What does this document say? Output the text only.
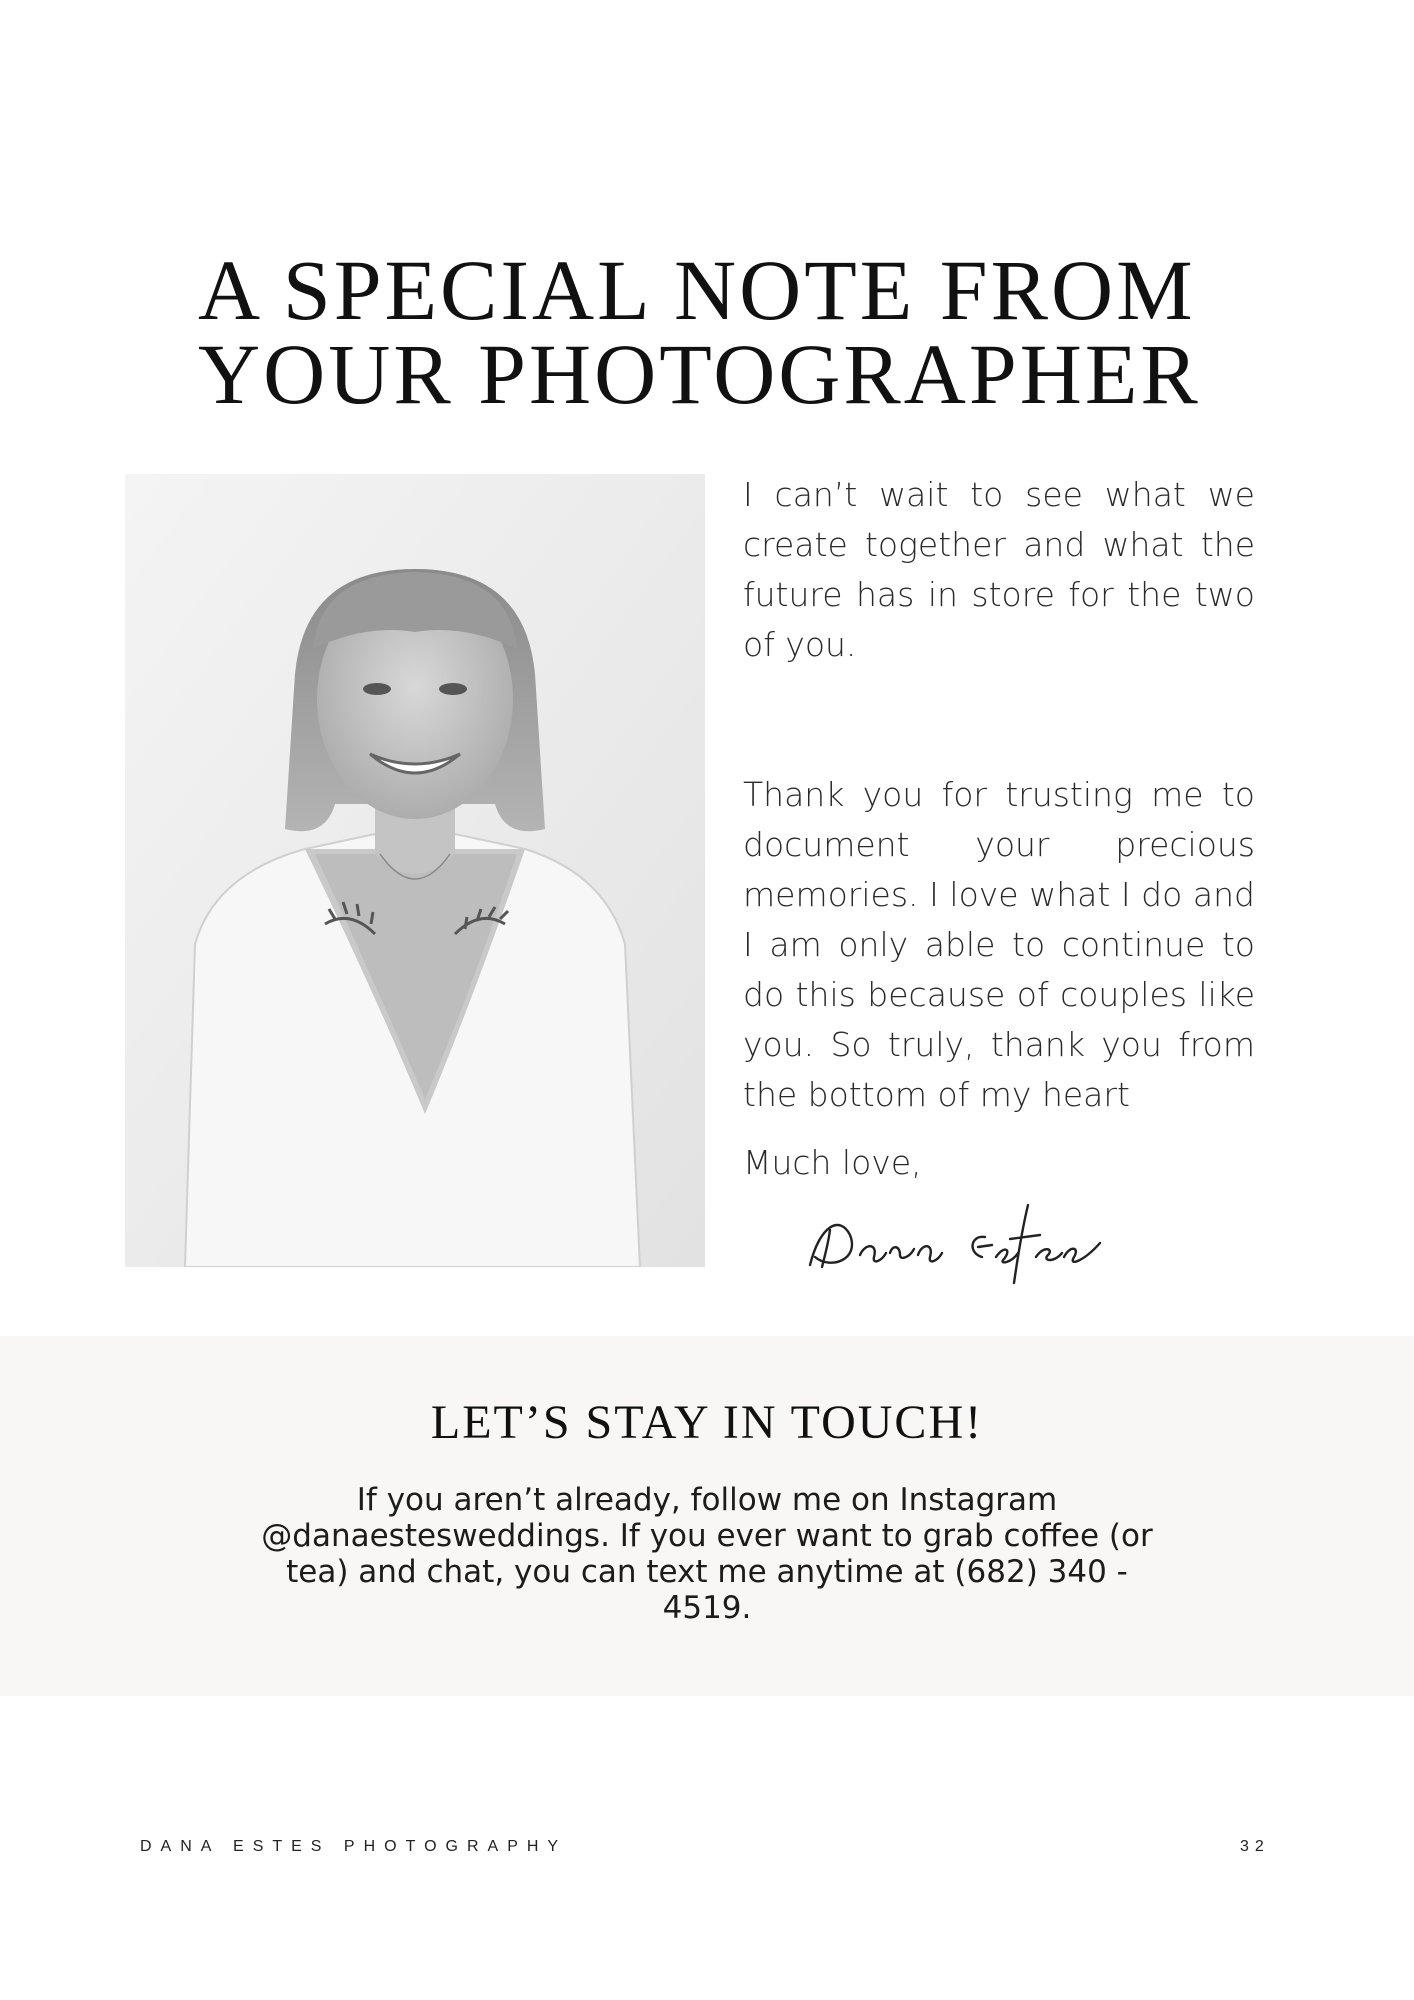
A SPECIAL NOTE FROM
YOUR PHOTOGRAPHER

I can’t wait to see what we create together and what the future has in store for the two of you.

Thank you for trusting me to document your precious memories. I love what I do and I am only able to continue to do this because of couples like you. So truly, thank you from the bottom of my heart

Much love,

LET’S STAY IN TOUCH!

If you aren’t already, follow me on Instagram @danaestesweddings. If you ever want to grab coffee (or tea) and chat, you can text me anytime at (682) 340 - 4519.

DANA ESTES PHOTOGRAPHY	32
